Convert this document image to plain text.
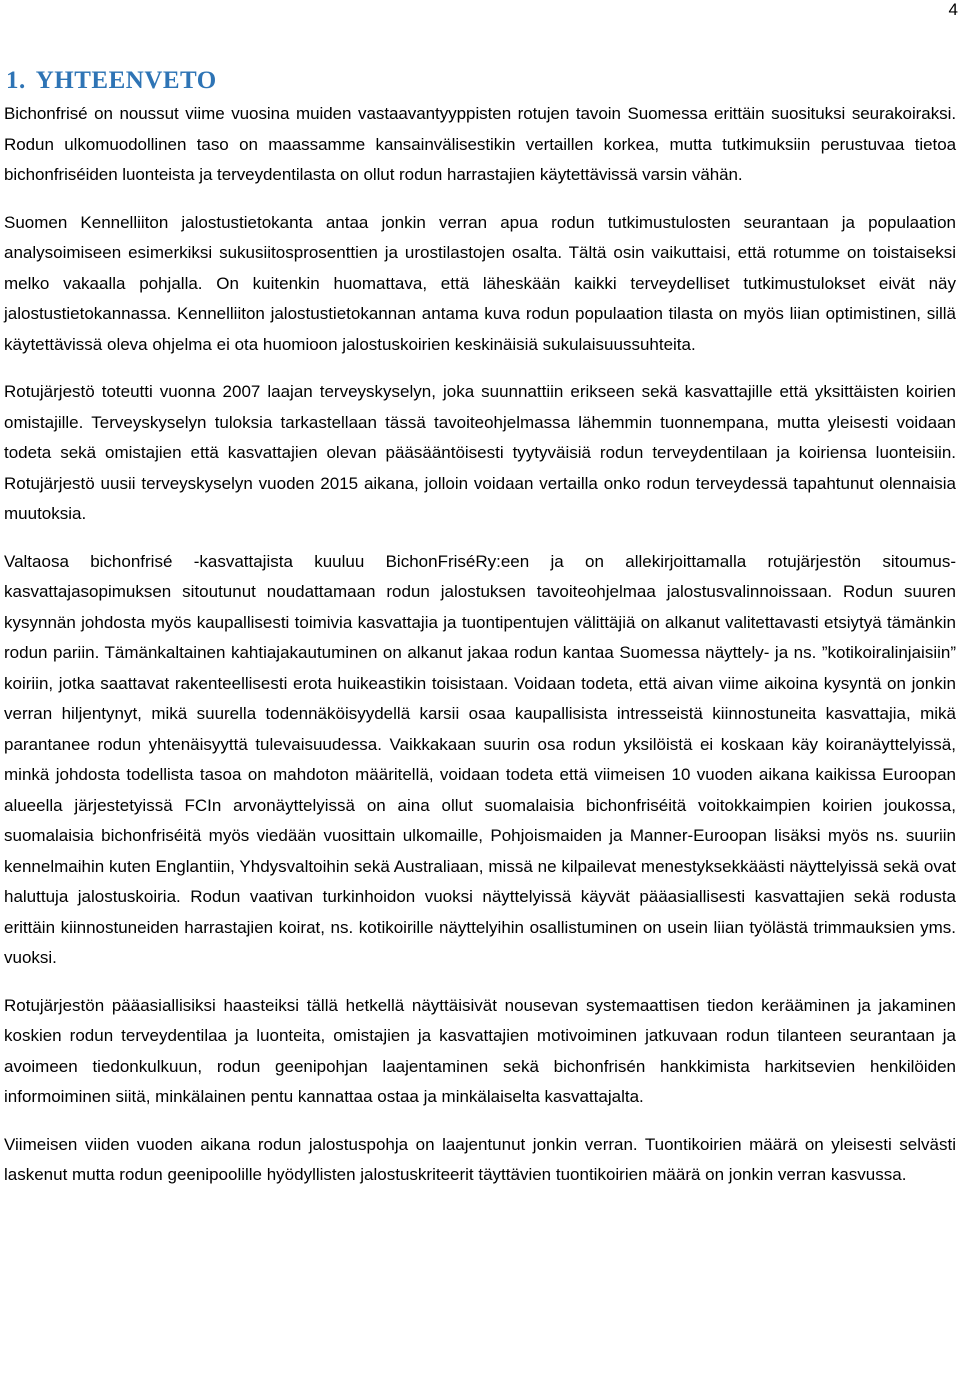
4
1. YHTEENVETO

Bichonfrisé on noussut viime vuosina muiden vastaavantyyppisten rotujen tavoin Suomessa erittäin suosituksi seurakoiraksi. Rodun ulkomuodollinen taso on maassamme kansainvälisestikin vertaillen korkea, mutta tutkimuksiin perustuvaa tietoa bichonfriséiden luonteista ja terveydentilasta on ollut rodun harrastajien käytettävissä varsin vähän.

Suomen Kennelliiton jalostustietokanta antaa jonkin verran apua rodun tutkimustulosten seurantaan ja populaation analysoimiseen esimerkiksi sukusiitosprosenttien ja urostilastojen osalta. Tältä osin vaikuttaisi, että rotumme on toistaiseksi melko vakaalla pohjalla. On kuitenkin huomattava, että läheskään kaikki terveydelliset tutkimustulokset eivät näy jalostustietokannassa. Kennelliiton jalostustietokannan antama kuva rodun populaation tilasta on myös liian optimistinen, sillä käytettävissä oleva ohjelma ei ota huomioon jalostuskoirien keskinäisiä sukulaisuussuhteita.

Rotujärjestö toteutti vuonna 2007 laajan terveyskyselyn, joka suunnattiin erikseen sekä kasvattajille että yksittäisten koirien omistajille. Terveyskyselyn tuloksia tarkastellaan tässä tavoiteohjelmassa lähemmin tuonnempana, mutta yleisesti voidaan todeta sekä omistajien että kasvattajien olevan pääsääntöisesti tyytyväisiä rodun terveydentilaan ja koiriensa luonteisiin. Rotujärjestö uusii terveyskyselyn vuoden 2015 aikana, jolloin voidaan vertailla onko rodun terveydessä tapahtunut olennaisia muutoksia.

Valtaosa bichonfrisé -kasvattajista kuuluu BichonFriséRy:een ja on allekirjoittamalla rotujärjestön sitoumus-kasvattajasopimuksen sitoutunut noudattamaan rodun jalostuksen tavoiteohjelmaa jalostusvalinnoissaan. Rodun suuren kysynnän johdosta myös kaupallisesti toimivia kasvattajia ja tuontipentujen välittäjiä on alkanut valitettavasti etsiytyä tämänkin rodun pariin. Tämänkaltainen kahtiajakautuminen on alkanut jakaa rodun kantaa Suomessa näyttely- ja ns. ”kotikoiralinjaisiin” koiriin, jotka saattavat rakenteellisesti erota huikeastikin toisistaan. Voidaan todeta, että aivan viime aikoina kysyntä on jonkin verran hiljentynyt, mikä suurella todennäköisyydellä karsii osaa kaupallisista intresseistä kiinnostuneita kasvattajia, mikä parantanee rodun yhtenäisyyttä tulevaisuudessa. Vaikkakaan suurin osa rodun yksilöistä ei koskaan käy koiranäyttelyissä, minkä johdosta todellista tasoa on mahdoton määritellä, voidaan todeta että viimeisen 10 vuoden aikana kaikissa Euroopan alueella järjestetyissä FCIn arvonäyttelyissä on aina ollut suomalaisia bichonfriséitä voitokkaimpien koirien joukossa, suomalaisia bichonfriséitä myös viedään vuosittain ulkomaille, Pohjoismaiden ja Manner-Euroopan lisäksi myös ns. suuriin kennelmaihin kuten Englantiin, Yhdysvaltoihin sekä Australiaan, missä ne kilpailevat menestyksekkäästi näyttelyissä sekä ovat haluttuja jalostuskoiria. Rodun vaativan turkinhoidon vuoksi näyttelyissä käyvät pääasiallisesti kasvattajien sekä rodusta erittäin kiinnostuneiden harrastajien koirat, ns. kotikoirille näyttelyihin osallistuminen on usein liian työlästä trimmauksien yms. vuoksi.

Rotujärjestön pääasiallisiksi haasteiksi tällä hetkellä näyttäisivät nousevan systemaattisen tiedon kerääminen ja jakaminen koskien rodun terveydentilaa ja luonteita, omistajien ja kasvattajien motivoiminen jatkuvaan rodun tilanteen seurantaan ja avoimeen tiedonkulkuun, rodun geenipohjan laajentaminen sekä bichonfrisén hankkimista harkitsevien henkilöiden informoiminen siitä, minkälainen pentu kannattaa ostaa ja minkälaiselta kasvattajalta.

Viimeisen viiden vuoden aikana rodun jalostuspohja on laajentunut jonkin verran. Tuontikoirien määrä on yleisesti selvästi laskenut mutta rodun geenipoolille hyödyllisten jalostuskriteerit täyttävien tuontikoirien määrä on jonkin verran kasvussa.
